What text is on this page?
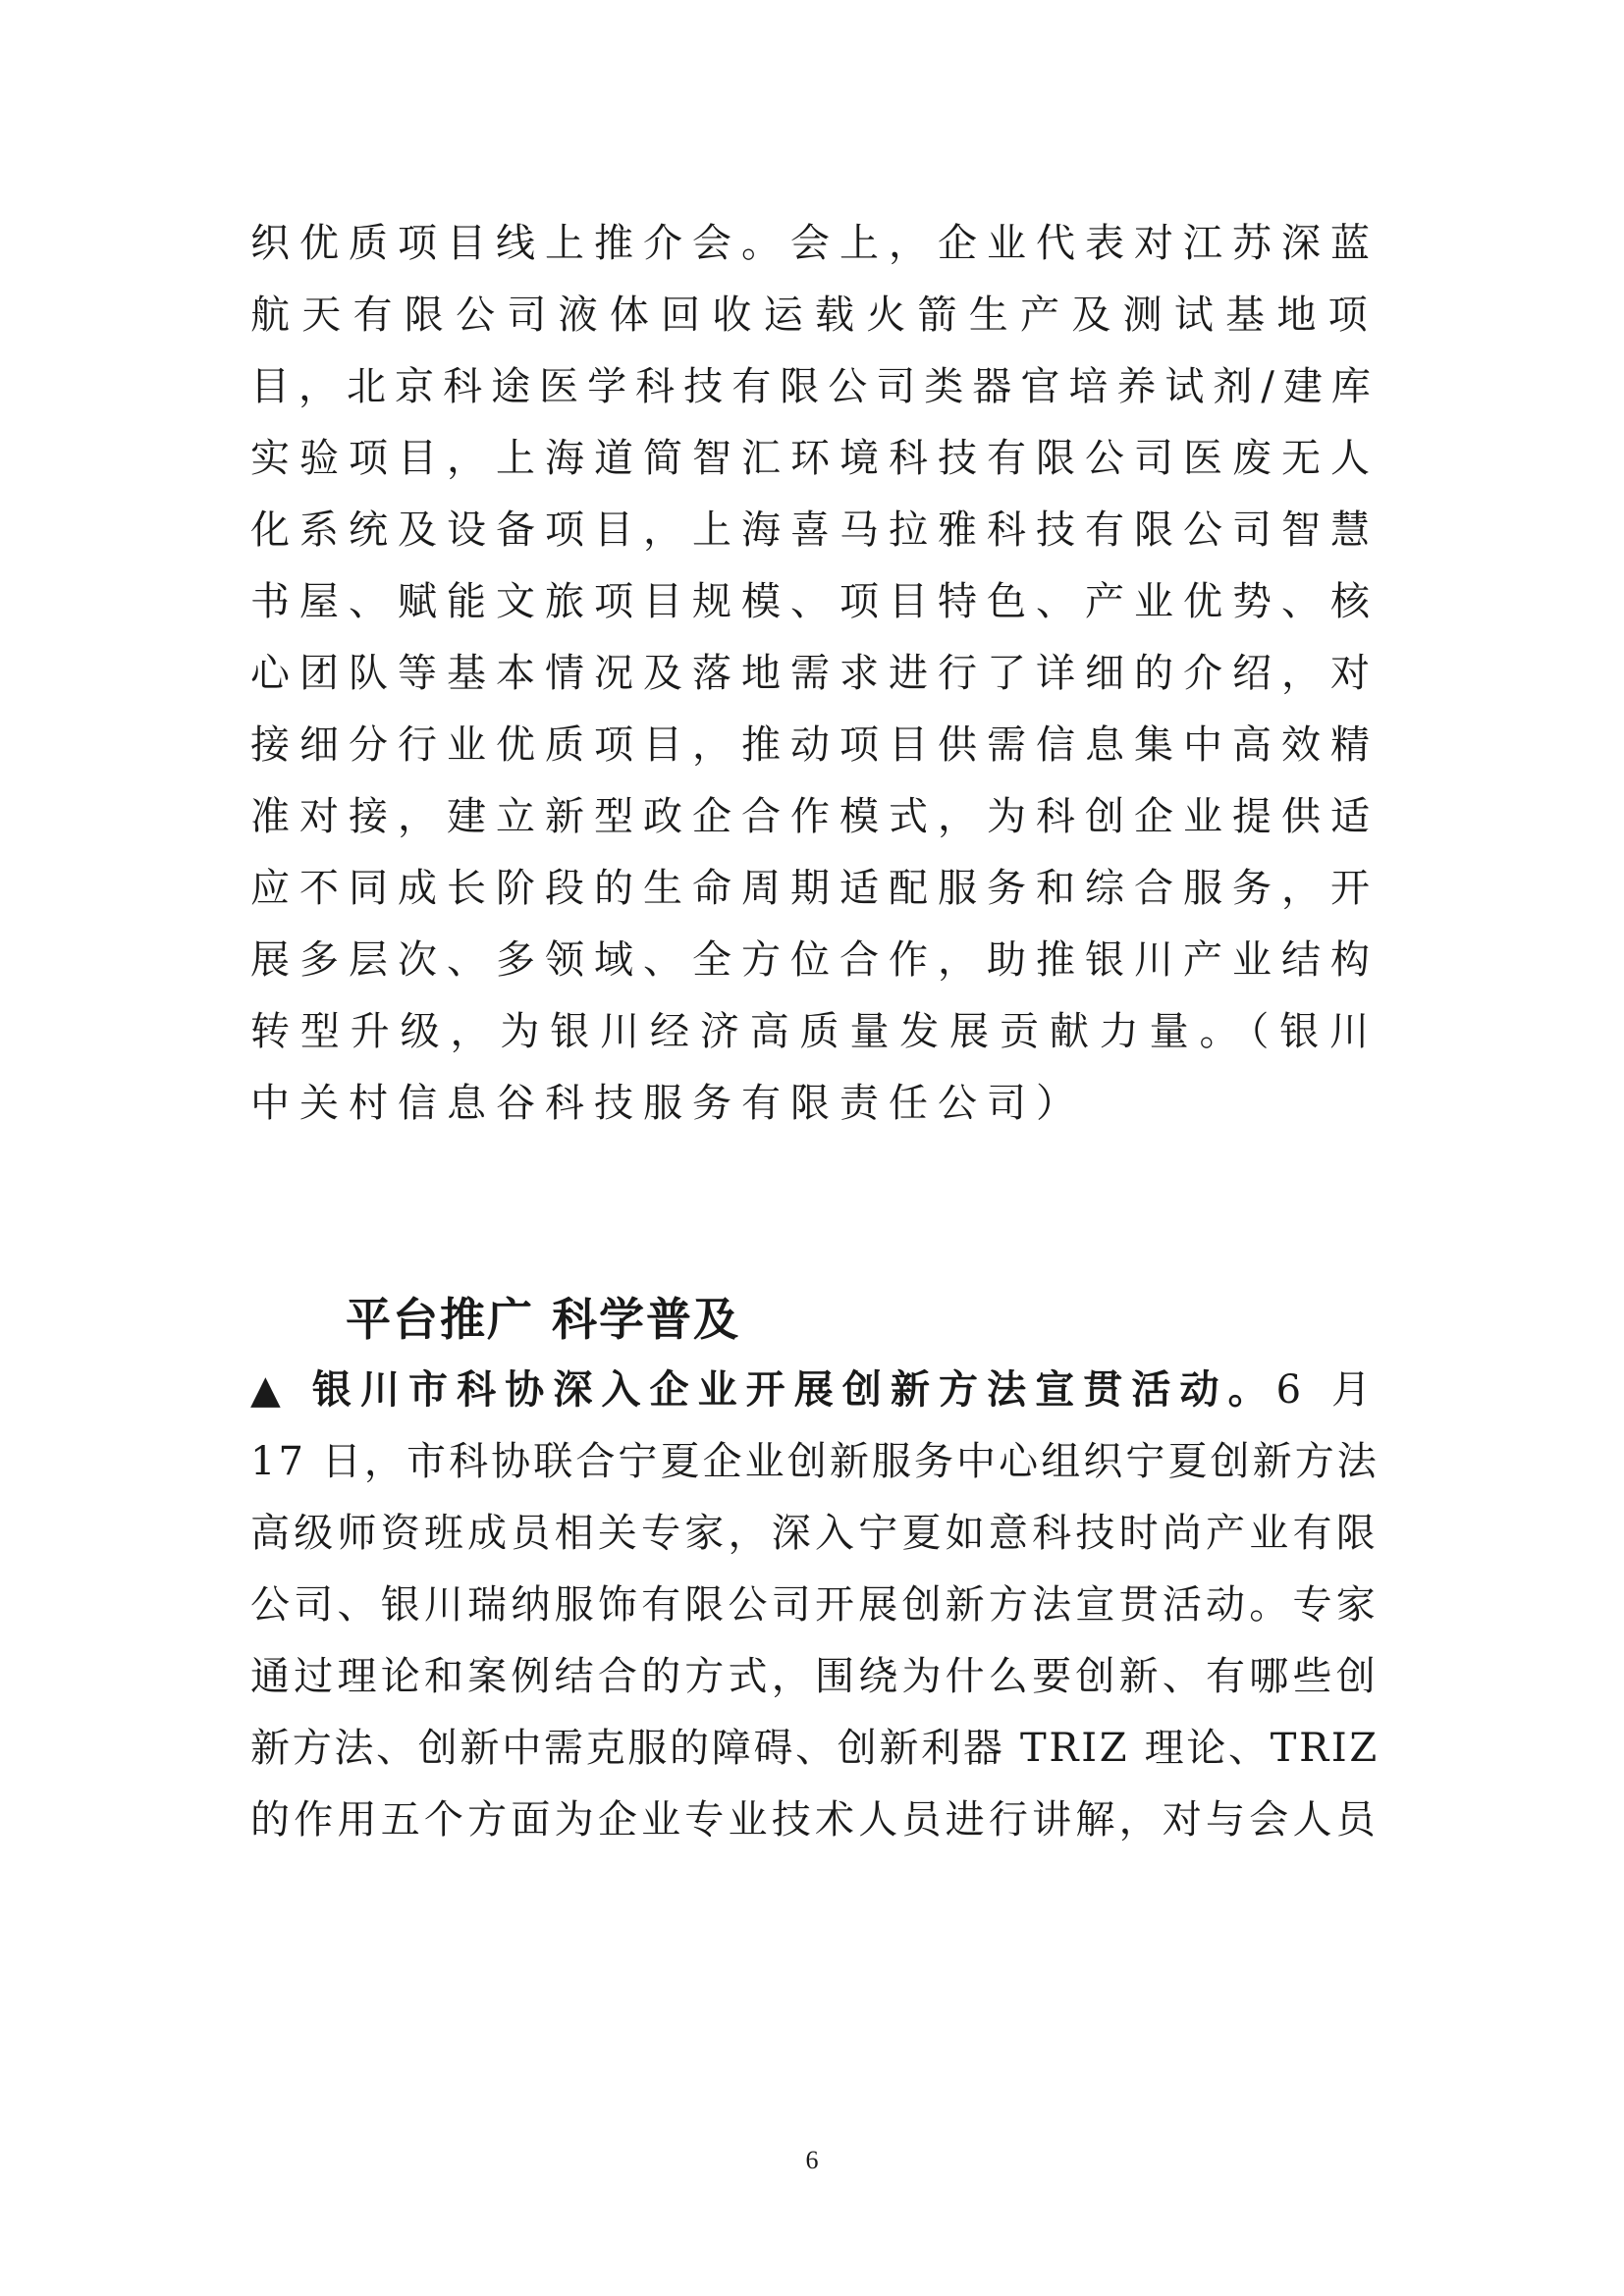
织优质项目线上推介会。会上，企业代表对江苏深蓝
航天有限公司液体回收运载火箭生产及测试基地项
目，北京科途医学科技有限公司类器官培养试剂/建库
实验项目，上海道简智汇环境科技有限公司医废无人
化系统及设备项目，上海喜马拉雅科技有限公司智慧
书屋、赋能文旅项目规模、项目特色、产业优势、核
心团队等基本情况及落地需求进行了详细的介绍，对
接细分行业优质项目，推动项目供需信息集中高效精
准对接，建立新型政企合作模式，为科创企业提供适
应不同成长阶段的生命周期适配服务和综合服务，开
展多层次、多领域、全方位合作，助推银川产业结构
转型升级，为银川经济高质量发展贡献力量。（银川
中关村信息谷科技服务有限责任公司）
平台推广 科学普及
▲ 银川市科协深入企业开展创新方法宣贯活动。6 月
17 日，市科协联合宁夏企业创新服务中心组织宁夏创新方法
高级师资班成员相关专家，深入宁夏如意科技时尚产业有限
公司、银川瑞纳服饰有限公司开展创新方法宣贯活动。专家
通过理论和案例结合的方式，围绕为什么要创新、有哪些创
新方法、创新中需克服的障碍、创新利器 TRIZ 理论、TRIZ
的作用五个方面为企业专业技术人员进行讲解，对与会人员
6
